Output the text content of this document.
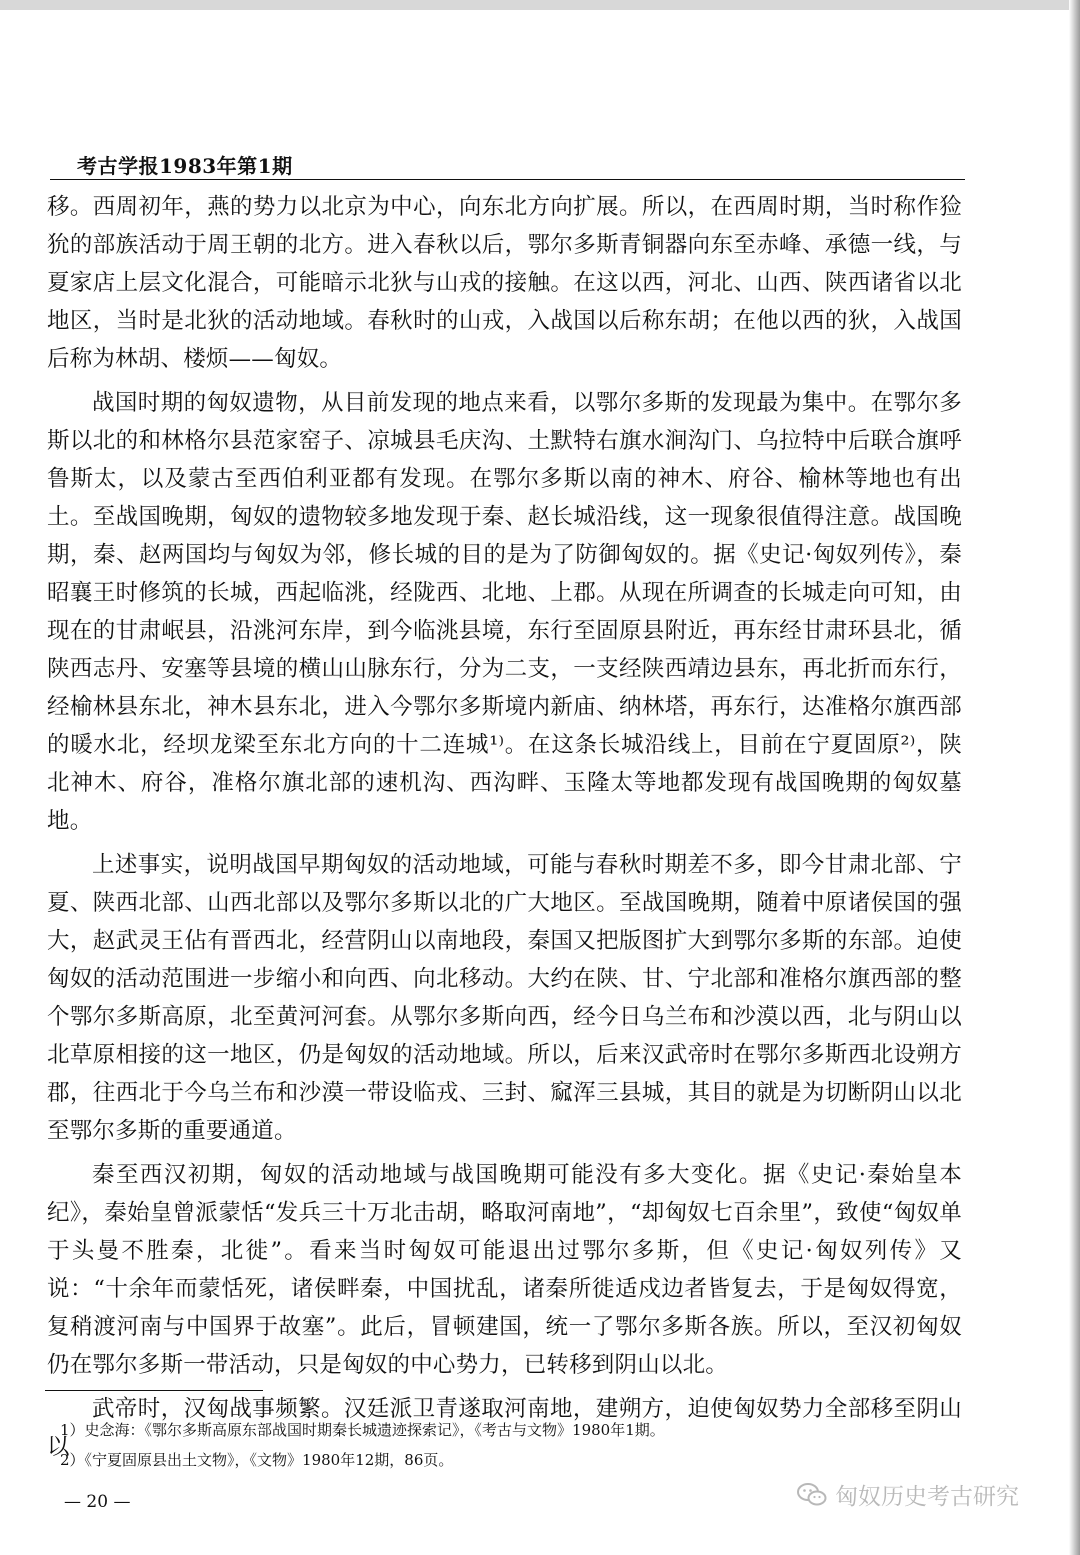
考古学报1983年第1期

移。西周初年，燕的势力以北京为中心，向东北方向扩展。所以，在西周时期，当时称作猃狁的部族活动于周王朝的北方。进入春秋以后，鄂尔多斯青铜器向东至赤峰、承德一线，与夏家店上层文化混合，可能暗示北狄与山戎的接触。在这以西，河北、山西、陕西诸省以北地区，当时是北狄的活动地域。春秋时的山戎，入战国以后称东胡；在他以西的狄，入战国后称为林胡、楼烦——匈奴。

战国时期的匈奴遗物，从目前发现的地点来看，以鄂尔多斯的发现最为集中。在鄂尔多斯以北的和林格尔县范家窑子、凉城县毛庆沟、土默特右旗水涧沟门、乌拉特中后联合旗呼鲁斯太，以及蒙古至西伯利亚都有发现。在鄂尔多斯以南的神木、府谷、榆林等地也有出土。至战国晚期，匈奴的遗物较多地发现于秦、赵长城沿线，这一现象很值得注意。战国晚期，秦、赵两国均与匈奴为邻，修长城的目的是为了防御匈奴的。据《史记·匈奴列传》，秦昭襄王时修筑的长城，西起临洮，经陇西、北地、上郡。从现在所调查的长城走向可知，由现在的甘肃岷县，沿洮河东岸，到今临洮县境，东行至固原县附近，再东经甘肃环县北，循陕西志丹、安塞等县境的横山山脉东行，分为二支，一支经陕西靖边县东，再北折而东行，经榆林县东北，神木县东北，进入今鄂尔多斯境内新庙、纳林塔，再东行，达准格尔旗西部的暖水北，经坝龙梁至东北方向的十二连城¹⁾。在这条长城沿线上，目前在宁夏固原²⁾，陕北神木、府谷，准格尔旗北部的速机沟、西沟畔、玉隆太等地都发现有战国晚期的匈奴墓地。

上述事实，说明战国早期匈奴的活动地域，可能与春秋时期差不多，即今甘肃北部、宁夏、陕西北部、山西北部以及鄂尔多斯以北的广大地区。至战国晚期，随着中原诸侯国的强大，赵武灵王佔有晋西北，经营阴山以南地段，秦国又把版图扩大到鄂尔多斯的东部。迫使匈奴的活动范围进一步缩小和向西、向北移动。大约在陕、甘、宁北部和准格尔旗西部的整个鄂尔多斯高原，北至黄河河套。从鄂尔多斯向西，经今日乌兰布和沙漠以西，北与阴山以北草原相接的这一地区，仍是匈奴的活动地域。所以，后来汉武帝时在鄂尔多斯西北设朔方郡，往西北于今乌兰布和沙漠一带设临戎、三封、窳浑三县城，其目的就是为切断阴山以北至鄂尔多斯的重要通道。

秦至西汉初期，匈奴的活动地域与战国晚期可能没有多大变化。据《史记·秦始皇本纪》，秦始皇曾派蒙恬“发兵三十万北击胡，略取河南地”，“却匈奴七百余里”，致使“匈奴单于头曼不胜秦，北徙”。看来当时匈奴可能退出过鄂尔多斯，但《史记·匈奴列传》又说：“十余年而蒙恬死，诸侯畔秦，中国扰乱，诸秦所徙适戍边者皆复去，于是匈奴得宽，复稍渡河南与中国界于故塞”。此后，冒顿建国，统一了鄂尔多斯各族。所以，至汉初匈奴仍在鄂尔多斯一带活动，只是匈奴的中心势力，已转移到阴山以北。

武帝时，汉匈战事频繁。汉廷派卫青遂取河南地，建朔方，迫使匈奴势力全部移至阴山以

1）史念海：《鄂尔多斯高原东部战国时期秦长城遗迹探索记》，《考古与文物》1980年1期。

2）《宁夏固原县出土文物》，《文物》1980年12期，86页。

— 20 —	匈奴历史考古研究
